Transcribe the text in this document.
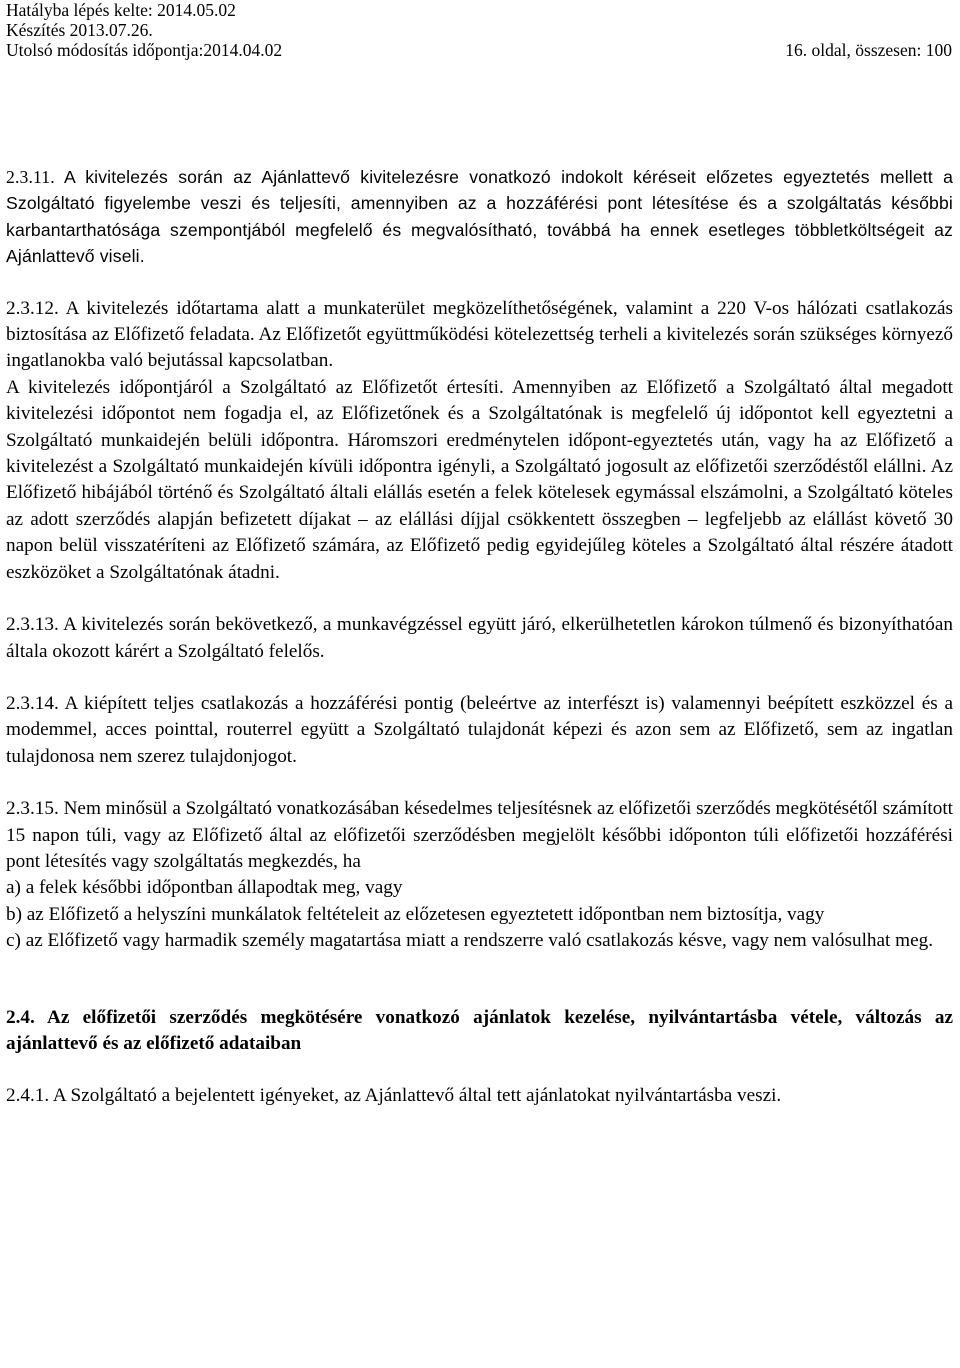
Hatályba lépés kelte: 2014.05.02
Készítés 2013.07.26.
Utolsó módosítás időpontja:2014.04.02	16. oldal, összesen: 100

2.3.11. A kivitelezés során az Ajánlattevő kivitelezésre vonatkozó indokolt kéréseit előzetes egyeztetés mellett a Szolgáltató figyelembe veszi és teljesíti, amennyiben az a hozzáférési pont létesítése és a szolgáltatás későbbi karbantarthatósága szempontjából megfelelő és megvalósítható, továbbá ha ennek esetleges többletköltségeit az Ajánlattevő viseli.

2.3.12. A kivitelezés időtartama alatt a munkaterület megközelíthetőségének, valamint a 220 V-os hálózati csatlakozás biztosítása az Előfizető feladata. Az Előfizetőt együttműködési kötelezettség terheli a kivitelezés során szükséges környező ingatlanokba való bejutással kapcsolatban.

A kivitelezés időpontjáról a Szolgáltató az Előfizetőt értesíti. Amennyiben az Előfizető a Szolgáltató által megadott kivitelezési időpontot nem fogadja el, az Előfizetőnek és a Szolgáltatónak is megfelelő új időpontot kell egyeztetni a Szolgáltató munkaidején belüli időpontra. Háromszori eredménytelen időpont-egyeztetés után, vagy ha az Előfizető a kivitelezést a Szolgáltató munkaidején kívüli időpontra igényli, a Szolgáltató jogosult az előfizetői szerződéstől elállni. Az Előfizető hibájából történő és Szolgáltató általi elállás esetén a felek kötelesek egymással elszámolni, a Szolgáltató köteles az adott szerződés alapján befizetett díjakat – az elállási díjjal csökkentett összegben – legfeljebb az elállást követő 30 napon belül visszatéríteni az Előfizető számára, az Előfizető pedig egyidejűleg köteles a Szolgáltató által részére átadott eszközöket a Szolgáltatónak átadni.

2.3.13. A kivitelezés során bekövetkező, a munkavégzéssel együtt járó, elkerülhetetlen károkon túlmenő és bizonyíthatóan általa okozott kárért a Szolgáltató felelős.

2.3.14. A kiépített teljes csatlakozás a hozzáférési pontig (beleértve az interfészt is) valamennyi beépített eszközzel és a modemmel, acces pointtal, routerrel együtt a Szolgáltató tulajdonát képezi és azon sem az Előfizető, sem az ingatlan tulajdonosa nem szerez tulajdonjogot.

2.3.15. Nem minősül a Szolgáltató vonatkozásában késedelmes teljesítésnek az előfizetői szerződés megkötésétől számított 15 napon túli, vagy az Előfizető által az előfizetői szerződésben megjelölt későbbi időponton túli előfizetői hozzáférési pont létesítés vagy szolgáltatás megkezdés, ha

a) a felek későbbi időpontban állapodtak meg, vagy

b) az Előfizető a helyszíni munkálatok feltételeit az előzetesen egyeztetett időpontban nem biztosítja, vagy

c) az Előfizető vagy harmadik személy magatartása miatt a rendszerre való csatlakozás késve, vagy nem valósulhat meg.

2.4. Az előfizetői szerződés megkötésére vonatkozó ajánlatok kezelése, nyilvántartásba vétele, változás az ajánlattevő és az előfizető adataiban

2.4.1. A Szolgáltató a bejelentett igényeket, az Ajánlattevő által tett ajánlatokat nyilvántartásba veszi.
